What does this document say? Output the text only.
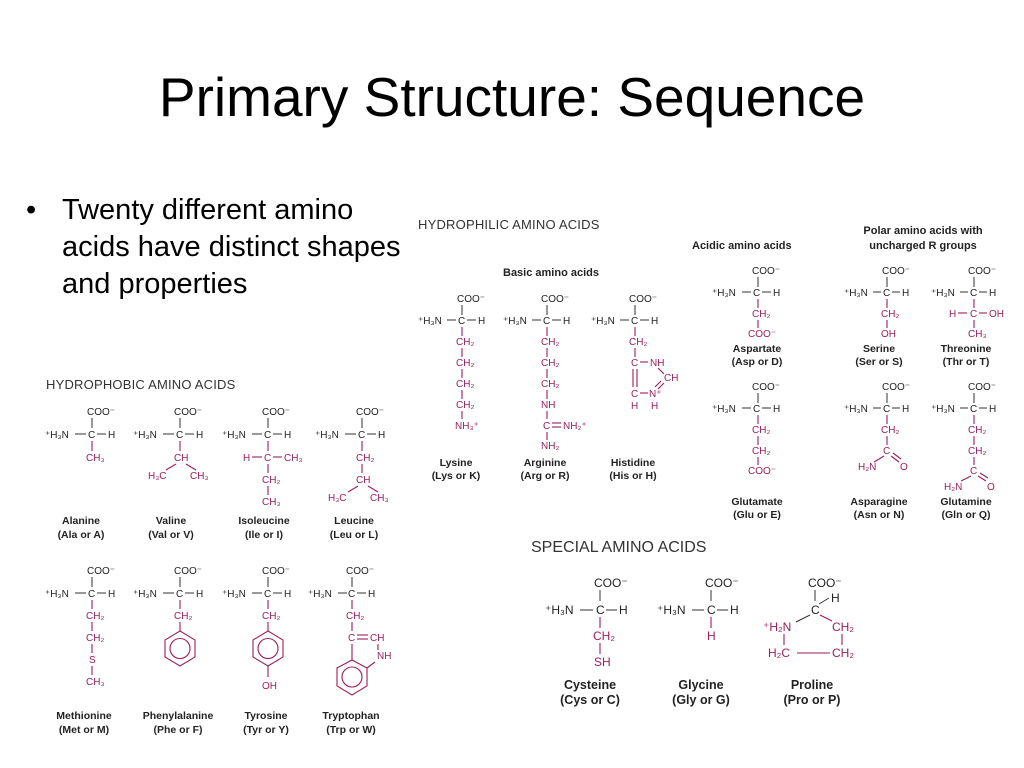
Primary Structure: Sequence
• Twenty different amino acids have distinct shapes and properties
HYDROPHOBIC AMINO ACIDS
HYDROPHILIC AMINO ACIDS
Basic amino acids
Acidic amino acids
Polar amino acids with
uncharged R groups
SPECIAL AMINO ACIDS
COO⁻
⁺H₃N C H
CH₃
Alanine
(Ala or A)
COO⁻
⁺H₃N C H
CH
H₃C CH₃
Valine
(Val or V)
COO⁻
⁺H₃N C H
H C CH₃
CH₂
CH₃
Isoleucine
(Ile or I)
COO⁻
⁺H₃N C H
CH₂
CH
H₃C CH₃
Leucine
(Leu or L)
COO⁻
⁺H₃N C H
CH₂
CH₂
S
CH₃
Methionine
(Met or M)
COO⁻
⁺H₃N C H
CH₂
Phenylalanine
(Phe or F)
COO⁻
⁺H₃N C H
CH₂
OH
Tyrosine
(Tyr or Y)
COO⁻
⁺H₃N C H
CH₂
C CH
NH
Tryptophan
(Trp or W)
COO⁻
⁺H₃N C H
CH₂
CH₂
CH₂
CH₂
NH₃⁺
Lysine
(Lys or K)
COO⁻
⁺H₃N C H
CH₂
CH₂
CH₂
NH
C NH₂⁺
NH₂
Arginine
(Arg or R)
COO⁻
⁺H₃N C H
CH₂
C NH
CH
N⁺
C
H H
Histidine
(His or H)
COO⁻
⁺H₃N C H
CH₂
COO⁻
Aspartate
(Asp or D)
COO⁻
⁺H₃N C H
CH₂
CH₂
COO⁻
Glutamate
(Glu or E)
COO⁻
⁺H₃N C H
CH₂
OH
Serine
(Ser or S)
COO⁻
⁺H₃N C H
H C OH
CH₃
Threonine
(Thr or T)
COO⁻
⁺H₃N C H
CH₂
C
H₂N O
Asparagine
(Asn or N)
COO⁻
⁺H₃N C H
CH₂
CH₂
C
H₂N O
Glutamine
(Gln or Q)
COO⁻
⁺H₃N C H
CH₂
SH
Cysteine
(Cys or C)
COO⁻
⁺H₃N C H
H
Glycine
(Gly or G)
COO⁻
H
C
⁺H₂N	CH₂
H₂C	CH₂
Proline
(Pro or P)
